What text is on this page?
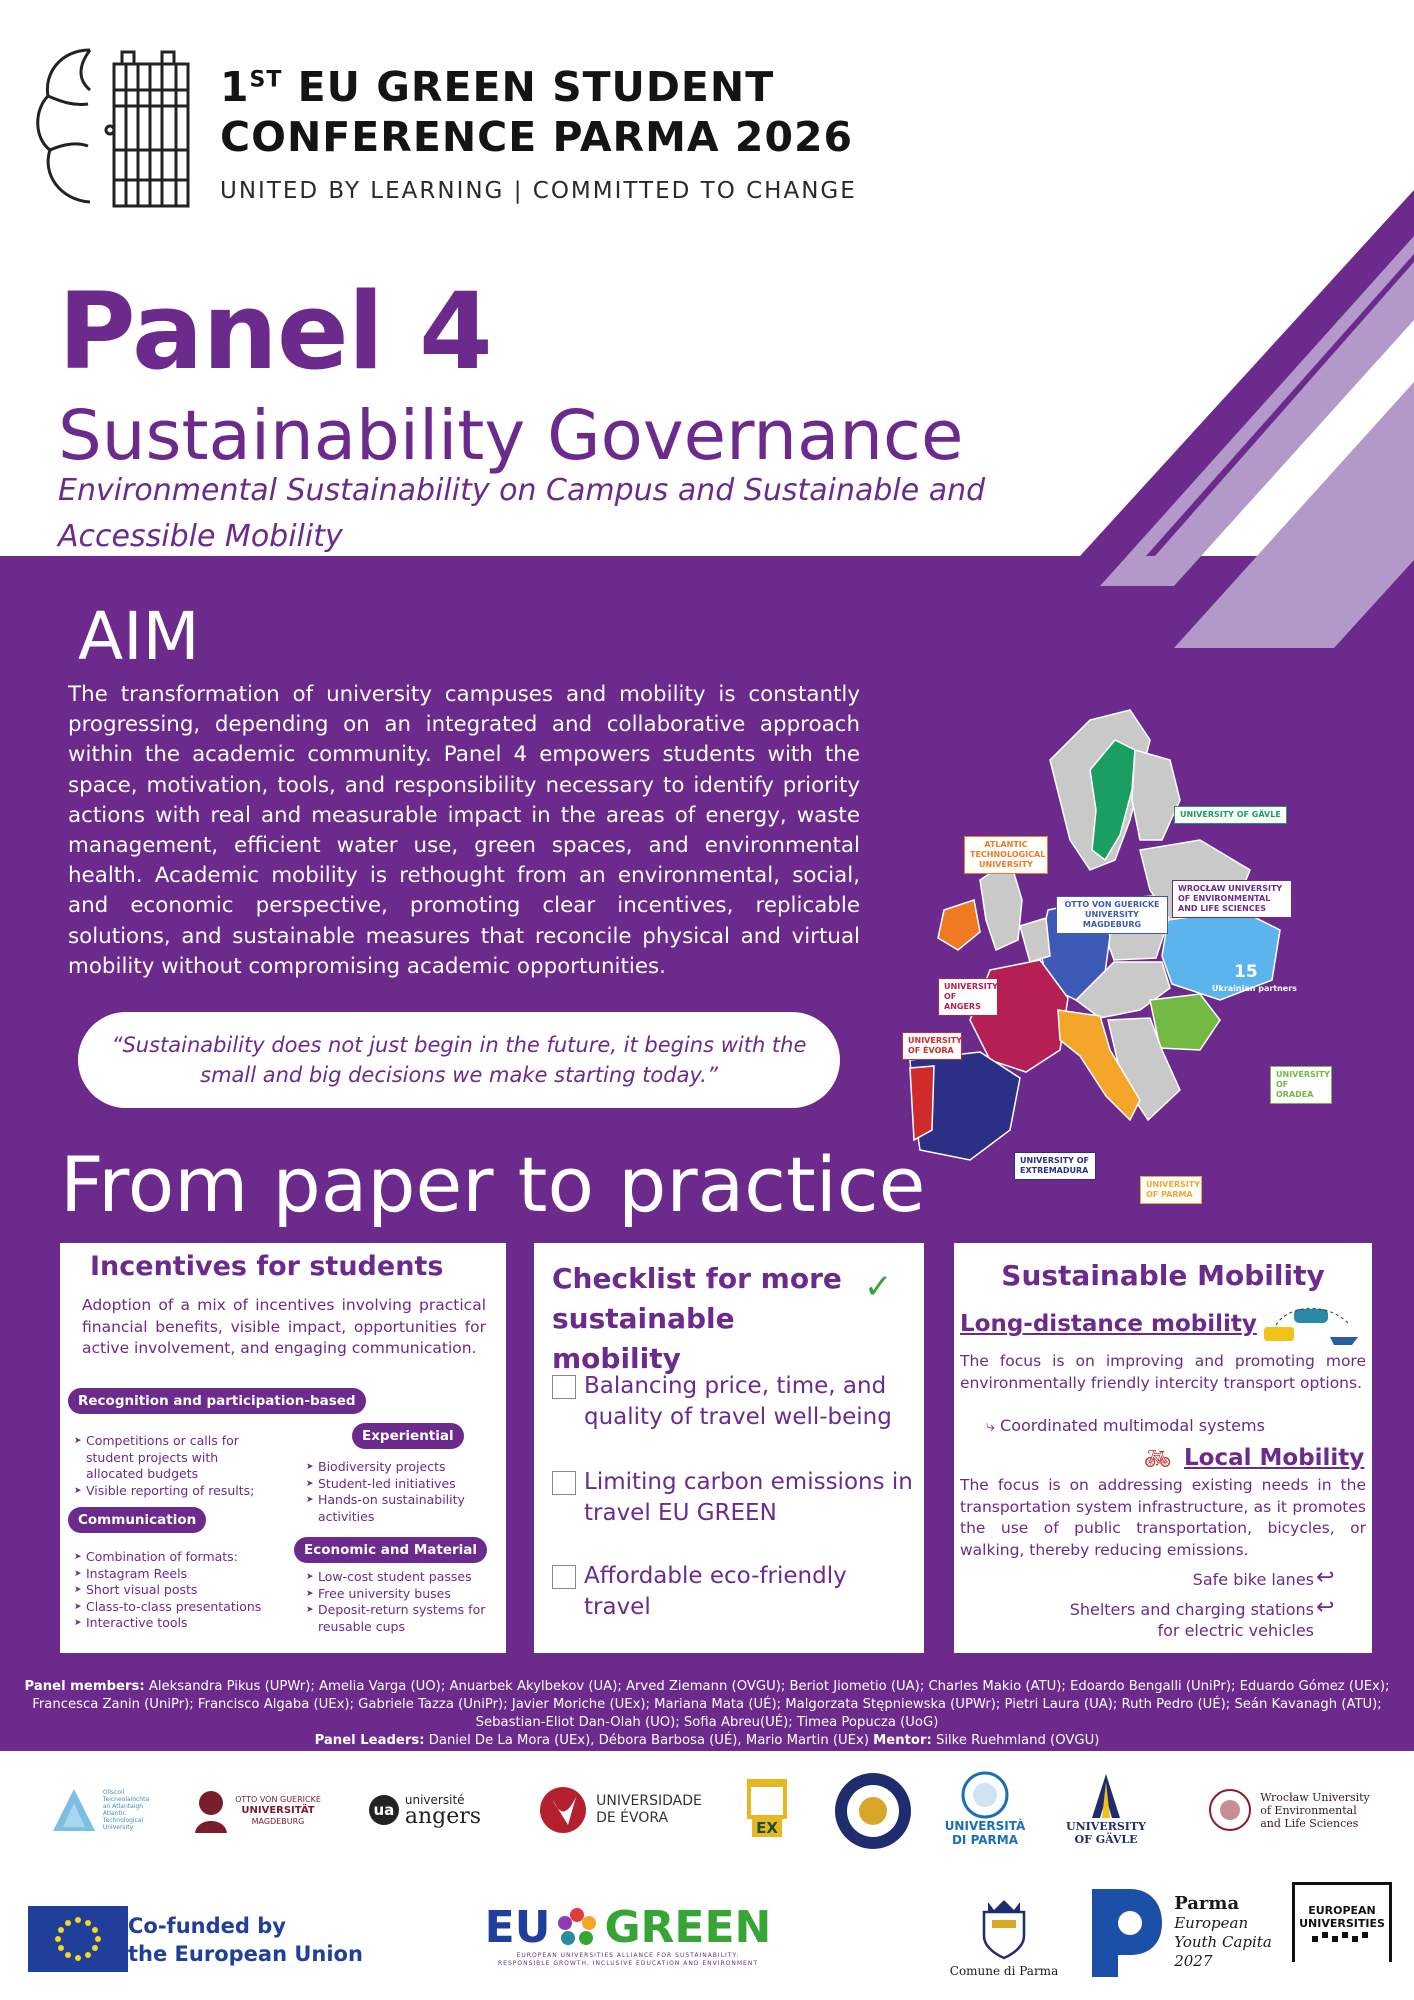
1ST EU GREEN STUDENT
CONFERENCE PARMA 2026
UNITED BY LEARNING | COMMITTED TO CHANGE
Panel 4
Sustainability Governance
Environmental Sustainability on Campus and Sustainable and Accessible Mobility
AIM
The transformation of university campuses and mobility is constantly progressing, depending on an integrated and collaborative approach within the academic community. Panel 4 empowers students with the space, motivation, tools, and responsibility necessary to identify priority actions with real and measurable impact in the areas of energy, waste management, efficient water use, green spaces, and environmental health. Academic mobility is rethought from an environmental, social, and economic perspective, promoting clear incentives, replicable solutions, and sustainable measures that reconcile physical and virtual mobility without compromising academic opportunities.
“Sustainability does not just begin in the future, it begins with the small and big decisions we make starting today.”
UNIVERSITY OF GÄVLE
ATLANTIC TECHNOLOGICAL UNIVERSITY
OTTO VON GUERICKE UNIVERSITY MAGDEBURG
WROCŁAW UNIVERSITY OF ENVIRONMENTAL AND LIFE SCIENCES
15
Ukrainian partners
UNIVERSITY OF ANGERS
UNIVERSITY OF ÉVORA
UNIVERSITY OF ORADEA
UNIVERSITY OF EXTREMADURA
UNIVERSITY OF PARMA
From paper to practice
Incentives for students
Adoption of a mix of incentives involving practical financial benefits, visible impact, opportunities for active involvement, and engaging communication.
Recognition and participation-based
➤ Competitions or calls for student projects with allocated budgets
➤ Visible reporting of results;
Experiential
➤ Biodiversity projects
➤ Student-led initiatives
➤ Hands-on sustainability activities
Communication
➤ Combination of formats:
➤ Instagram Reels
➤ Short visual posts
➤ Class-to-class presentations
➤ Interactive tools
Economic and Material
➤ Low-cost student passes
➤ Free university buses
➤ Deposit-return systems for reusable cups
Checklist for more sustainable mobility
✓
Balancing price, time, and quality of travel well-being
Limiting carbon emissions in travel EU GREEN
Affordable eco-friendly travel
Sustainable Mobility
Long-distance mobility
The focus is on improving and promoting more environmentally friendly intercity transport options.
⤷ Coordinated multimodal systems
🚲︎ Local Mobility
The focus is on addressing existing needs in the transportation system infrastructure, as it promotes the use of public transportation, bicycles, or walking, thereby reducing emissions.
Safe bike lanes ↩
Shelters and charging stations
for electric vehicles
↩
Panel members: Aleksandra Pikus (UPWr); Amelia Varga (UO); Anuarbek Akylbekov (UA); Arved Ziemann (OVGU); Beriot Jiometio (UA); Charles Makio (ATU); Edoardo Bengalli (UniPr); Eduardo Gómez (UEx); Francesca Zanin (UniPr); Francisco Algaba (UEx); Gabriele Tazza (UniPr); Javier Moriche (UEx); Mariana Mata (UÉ); Malgorzata Stępniewska (UPWr); Pietri Laura (UA); Ruth Pedro (UÉ); Seán Kavanagh (ATU); Sebastian-Eliot Dan-Olah (UO); Sofia Abreu(UÉ); Timea Popucza (UoG)
Panel Leaders: Daniel De La Mora (UEx), Débora Barbosa (UÉ), Mario Martin (UEx) Mentor: Silke Ruehmland (OVGU)
Ollscoil
Teicneolaíochta
an Atlantaigh
Atlantic
Technological
University
OTTO VON GUERICKE
UNIVERSITÄT
MAGDEBURG
ua
université
angers
UNIVERSIDADE
DE ÉVORA
EX	UNIVERSITÀ
DI PARMA
UNIVERSITY
OF GÄVLE
Wrocław University
of Environmental
and Life Sciences
Co-funded by
the European Union
EU GREEN
EUROPEAN UNIVERSITIES ALLIANCE FOR SUSTAINABILITY:
RESPONSIBLE GROWTH, INCLUSIVE EDUCATION AND ENVIRONMENT
Comune di Parma
Parma
European
Youth Capita
2027
EUROPEAN
UNIVERSITIES
